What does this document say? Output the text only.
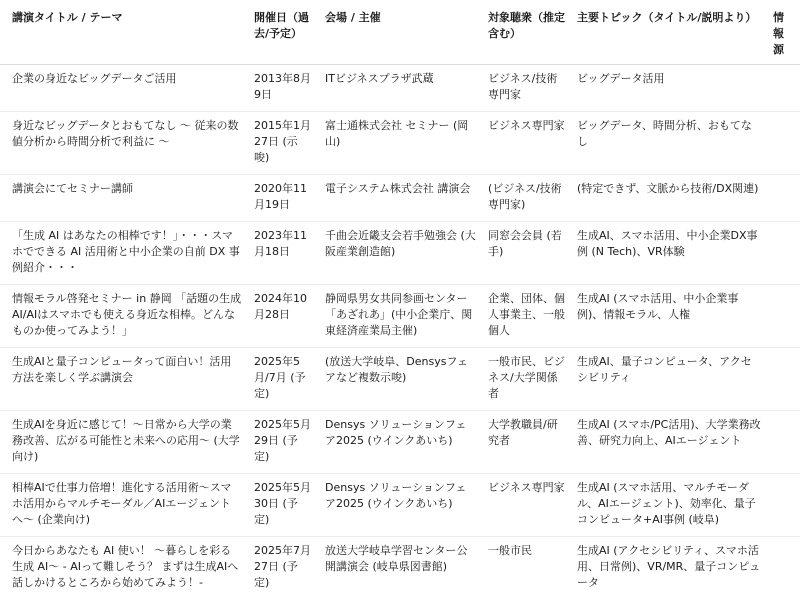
講演タイトル / テーマ	開催日（過去/予定）	会場 / 主催	対象聴衆（推定含む）	主要トピック（タイトル/説明より）	情報源
企業の身近なビッグデータご活用	2013年8月9日	ITビジネスプラザ武蔵	ビジネス/技術専門家	ビッグデータ活用	
身近なビッグデータとおもてなし 〜 従来の数値分析から時間分析で利益に 〜	2015年1月27日 (示唆)	富士通株式会社 セミナー (岡山)	ビジネス専門家	ビッグデータ、時間分析、おもてなし	
講演会にてセミナー講師	2020年11月19日	電子システム株式会社 講演会	(ビジネス/技術専門家)	(特定できず、文脈から技術/DX関連)	
「生成 AI はあなたの相棒です！」・・・スマホでできる AI 活用術と中小企業の自前 DX 事例紹介・・・	2023年11月18日	千曲会近畿支会若手勉強会 (大阪産業創造館)	同窓会会員 (若手)	生成AI、スマホ活用、中小企業DX事例 (N Tech)、VR体験	
情報モラル啓発セミナー in 静岡 「話題の生成AI/AIはスマホでも使える身近な相棒。どんなものか使ってみよう！」	2024年10月28日	静岡県男女共同参画センター「あざれあ」(中小企業庁、関東経済産業局主催)	企業、団体、個人事業主、一般個人	生成AI (スマホ活用、中小企業事例)、情報モラル、人権	
生成AIと量子コンピュータって面白い！活用方法を楽しく学ぶ講演会	2025年5月/7月 (予定)	(放送大学岐阜、Densysフェアなど複数示唆)	一般市民、ビジネス/大学関係者	生成AI、量子コンピュータ、アクセシビリティ	
生成AIを身近に感じて！〜日常から大学の業務改善、広がる可能性と未来への応用〜 (大学向け)	2025年5月29日 (予定)	Densys ソリューションフェア2025 (ウインクあいち)	大学教職員/研究者	生成AI (スマホ/PC活用)、大学業務改善、研究力向上、AIエージェント	
相棒AIで仕事力倍増！進化する活用術〜スマホ活用からマルチモーダル／AIエージェントへ〜 (企業向け)	2025年5月30日 (予定)	Densys ソリューションフェア2025 (ウインクあいち)	ビジネス専門家	生成AI (スマホ活用、マルチモーダル、AIエージェント)、効率化、量子コンピュータ+AI事例 (岐阜)	
今日からあなたも AI 使い！ 〜暮らしを彩る生成 AI〜 - AIって難しそう？ まずは生成AIへ話しかけるところから始めてみよう！-	2025年7月27日 (予定)	放送大学岐阜学習センター公開講演会 (岐阜県図書館)	一般市民	生成AI (アクセシビリティ、スマホ活用、日常例)、VR/MR、量子コンピュータ	
